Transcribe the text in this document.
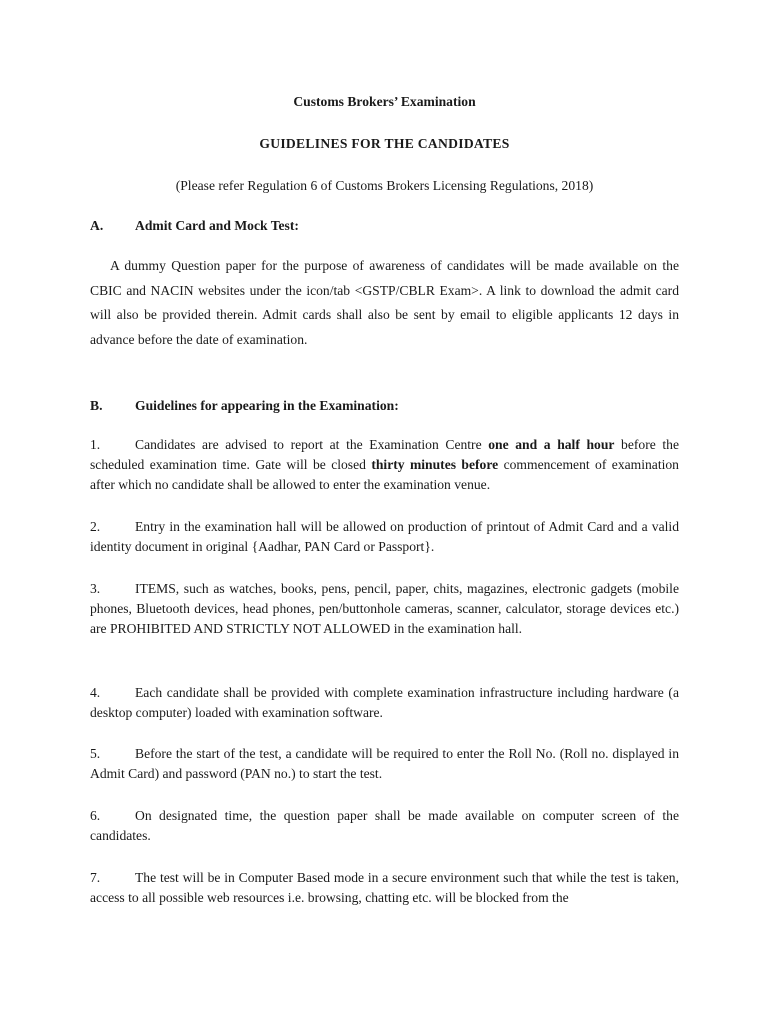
Customs Brokers’ Examination
GUIDELINES FOR THE CANDIDATES
(Please refer Regulation 6 of Customs Brokers Licensing Regulations, 2018)
A. Admit Card and Mock Test:
A dummy Question paper for the purpose of awareness of candidates will be made available on the CBIC and NACIN websites under the icon/tab <GSTP/CBLR Exam>. A link to download the admit card will also be provided therein. Admit cards shall also be sent by email to eligible applicants 12 days in advance before the date of examination.
B. Guidelines for appearing in the Examination:
1.	Candidates are advised to report at the Examination Centre one and a half hour before the scheduled examination time. Gate will be closed thirty minutes before commencement of examination after which no candidate shall be allowed to enter the examination venue.
2.	Entry in the examination hall will be allowed on production of printout of Admit Card and a valid identity document in original {Aadhar, PAN Card or Passport}.
3.	ITEMS, such as watches, books, pens, pencil, paper, chits, magazines, electronic gadgets (mobile phones, Bluetooth devices, head phones, pen/buttonhole cameras, scanner, calculator, storage devices etc.) are PROHIBITED AND STRICTLY NOT ALLOWED in the examination hall.
4.	Each candidate shall be provided with complete examination infrastructure including hardware (a desktop computer) loaded with examination software.
5.	Before the start of the test, a candidate will be required to enter the Roll No. (Roll no. displayed in Admit Card) and password (PAN no.) to start the test.
6.	On designated time, the question paper shall be made available on computer screen of the candidates.
7.	The test will be in Computer Based mode in a secure environment such that while the test is taken, access to all possible web resources i.e. browsing, chatting etc. will be blocked from the
